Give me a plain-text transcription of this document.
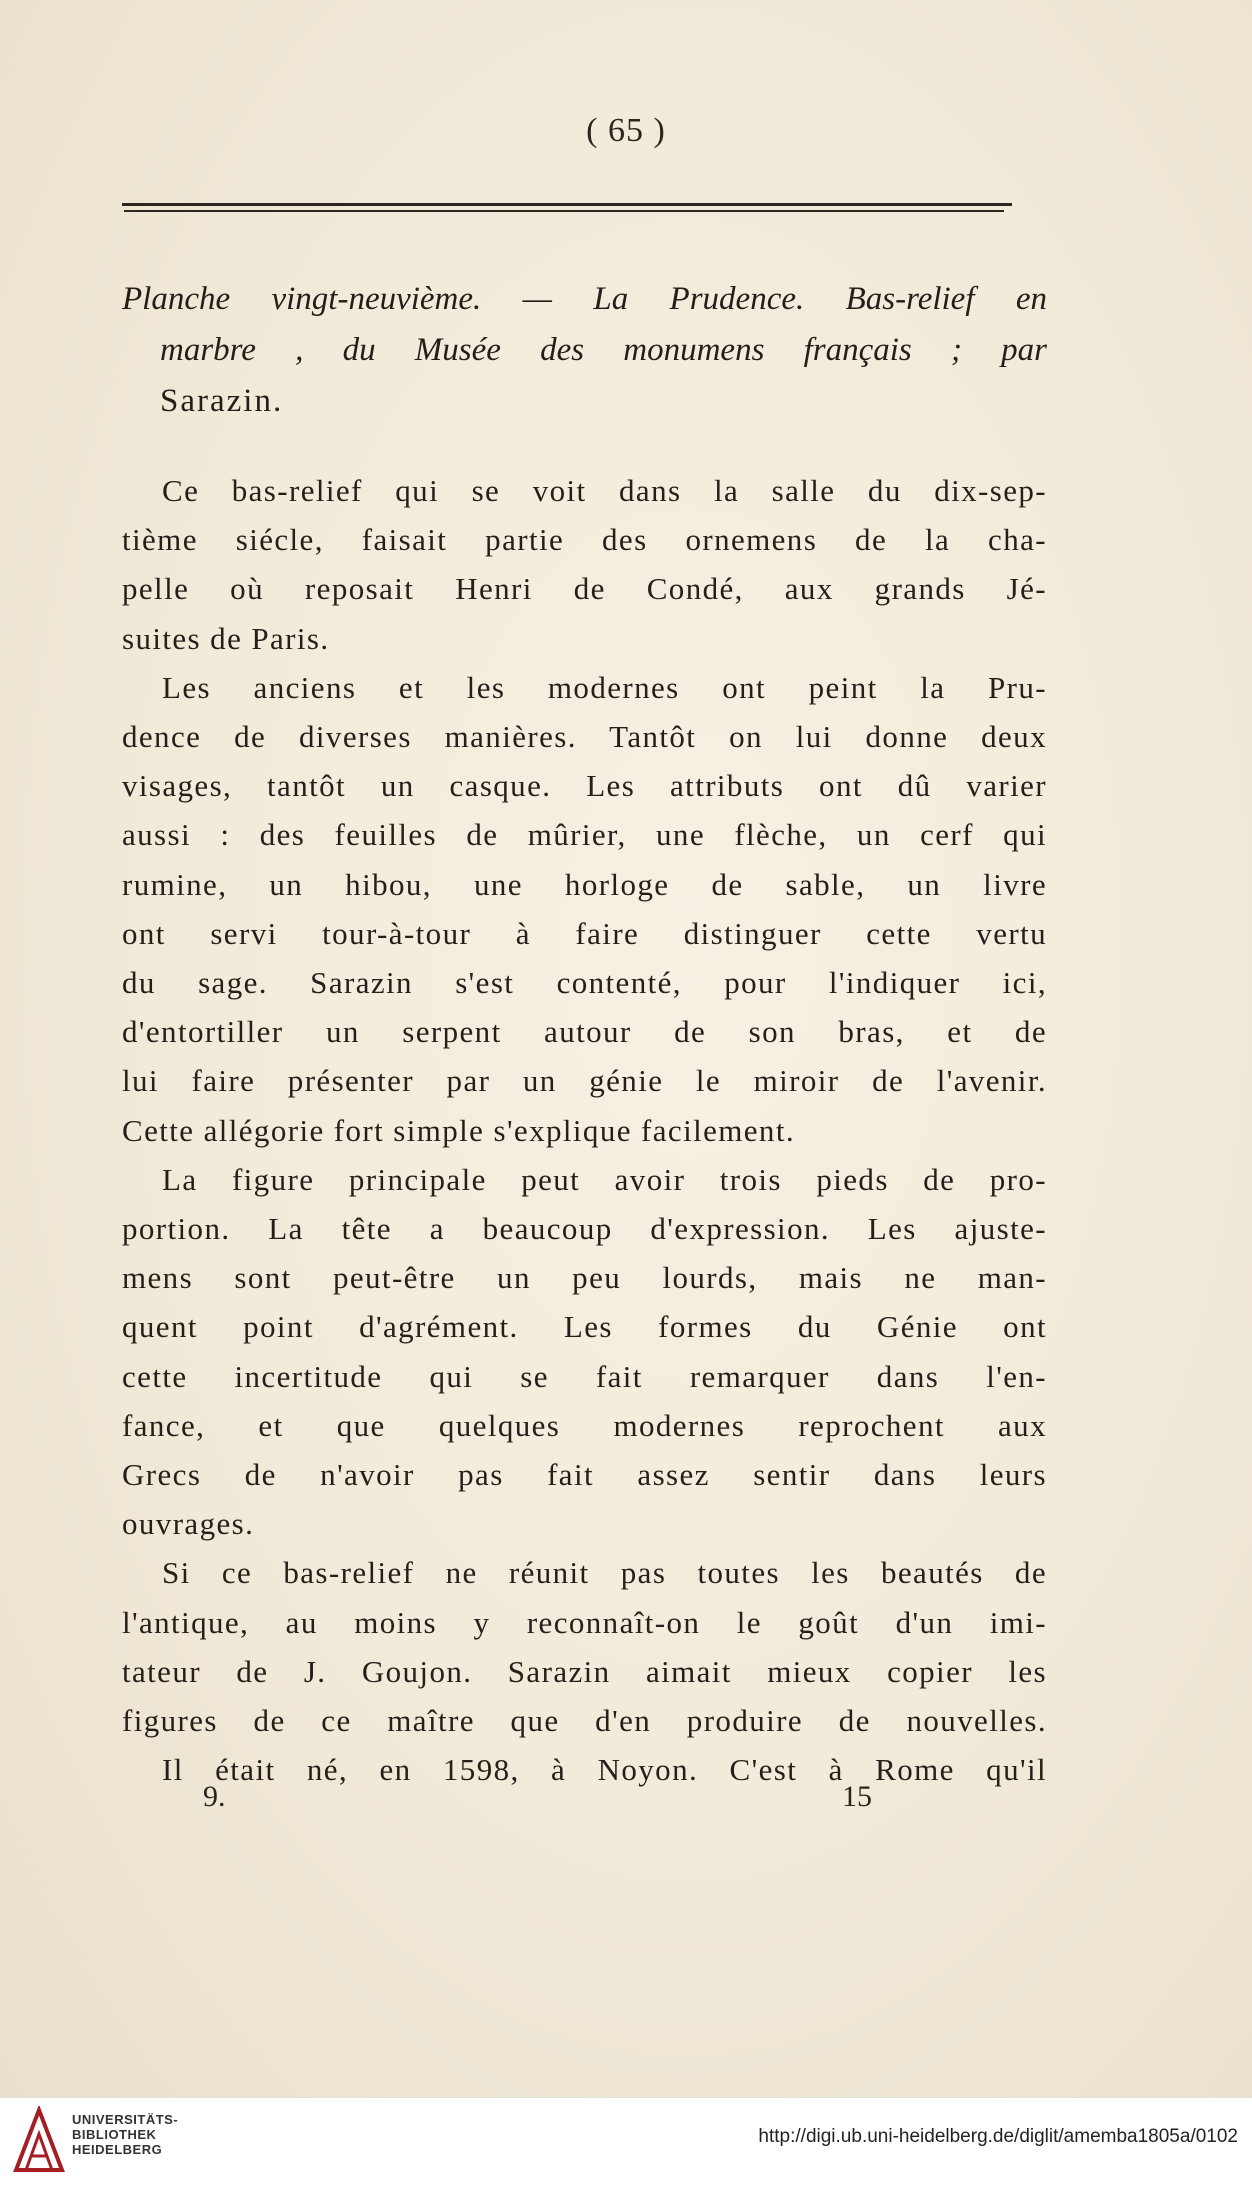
( 65 )
Planche vingt-neuvième. — La Prudence. Bas-relief en
marbre , du Musée des monumens français ; par
Sarazin.
Ce bas-relief qui se voit dans la salle du dix-sep-
tième siécle, faisait partie des ornemens de la cha-
pelle où reposait Henri de Condé, aux grands Jé-
suites de Paris.
Les anciens et les modernes ont peint la Pru-
dence de diverses manières. Tantôt on lui donne deux
visages, tantôt un casque. Les attributs ont dû varier
aussi : des feuilles de mûrier, une flèche, un cerf qui
rumine, un hibou, une horloge de sable, un livre
ont servi tour-à-tour à faire distinguer cette vertu
du sage. Sarazin s'est contenté, pour l'indiquer ici,
d'entortiller un serpent autour de son bras, et de
lui faire présenter par un génie le miroir de l'avenir.
Cette allégorie fort simple s'explique facilement.
La figure principale peut avoir trois pieds de pro-
portion. La tête a beaucoup d'expression. Les ajuste-
mens sont peut-être un peu lourds, mais ne man-
quent point d'agrément. Les formes du Génie ont
cette incertitude qui se fait remarquer dans l'en-
fance, et que quelques modernes reprochent aux
Grecs de n'avoir pas fait assez sentir dans leurs
ouvrages.
Si ce bas-relief ne réunit pas toutes les beautés de
l'antique, au moins y reconnaît-on le goût d'un imi-
tateur de J. Goujon. Sarazin aimait mieux copier les
figures de ce maître que d'en produire de nouvelles.
Il était né, en 1598, à Noyon. C'est à Rome qu'il
9.	15
UNIVERSITÄTS-
BIBLIOTHEK
HEIDELBERG
http://digi.ub.uni-heidelberg.de/diglit/amemba1805a/0102
